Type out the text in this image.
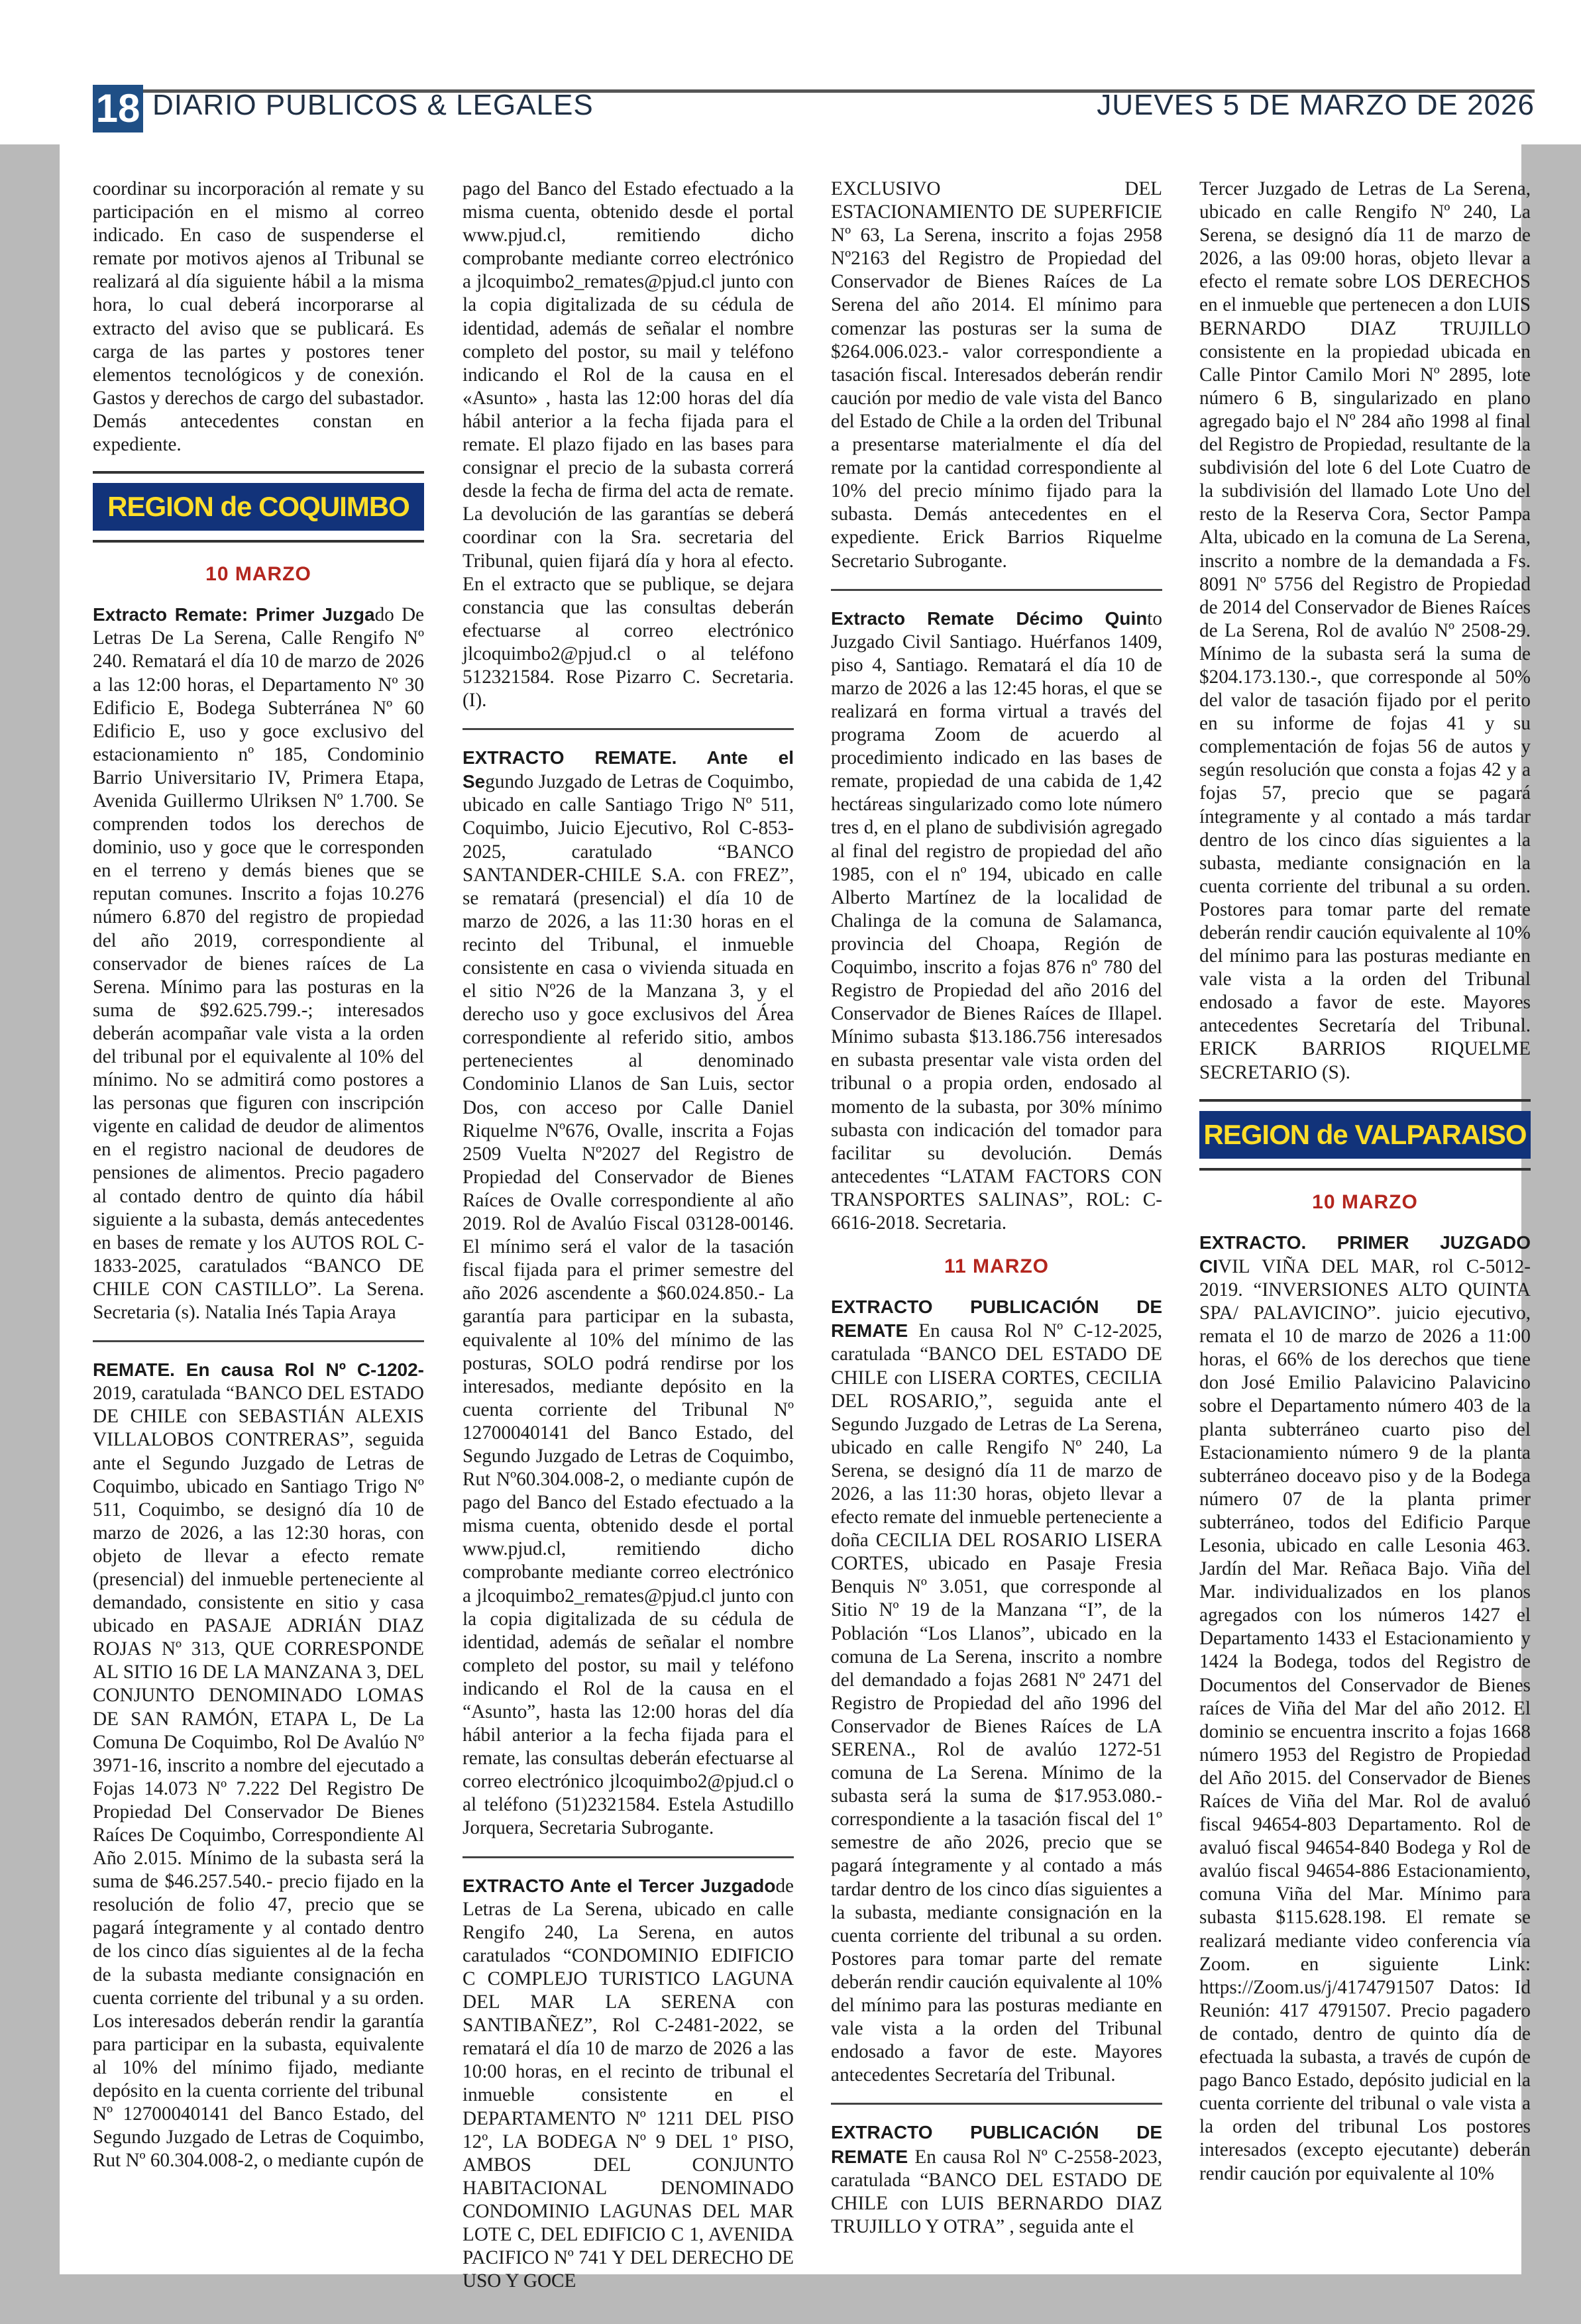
18 DIARIO PUBLICOS & LEGALES	JUEVES 5 DE MARZO DE 2026

coordinar su incorporación al remate y su participación en el mismo al correo indicado. En caso de suspenderse el remate por motivos ajenos aI Tribunal se realizará al día siguiente hábil a la misma hora, lo cual deberá incorporarse al extracto del aviso que se publicará. Es carga de las partes y postores tener elementos tecnológicos y de conexión. Gastos y derechos de cargo del subastador. Demás antecedentes constan en expediente.

REGION de COQUIMBO
10 MARZO

Extracto Remate: Primer Juzgado De Letras De La Serena, Calle Rengifo Nº 240. Rematará el día 10 de marzo de 2026 a las 12:00 horas, el Departamento Nº 30 Edificio E, Bodega Subterránea Nº 60 Edificio E, uso y goce exclusivo del estacionamiento nº 185, Condominio Barrio Universitario IV, Primera Etapa, Avenida Guillermo Ulriksen Nº 1.700. Se comprenden todos los derechos de dominio, uso y goce que le corresponden en el terreno y demás bienes que se reputan comunes. Inscrito a fojas 10.276 número 6.870 del registro de propiedad del año 2019, correspondiente al conservador de bienes raíces de La Serena. Mínimo para las posturas en la suma de $92.625.799.-; interesados deberán acompañar vale vista a la orden del tribunal por el equivalente al 10% del mínimo. No se admitirá como postores a las personas que figuren con inscripción vigente en calidad de deudor de alimentos en el registro nacional de deudores de pensiones de alimentos. Precio pagadero al contado dentro de quinto día hábil siguiente a la subasta, demás antecedentes en bases de remate y los AUTOS ROL C-1833-2025, caratulados “BANCO DE CHILE CON CASTILLO”. La Serena. Secretaria (s). Natalia Inés Tapia Araya

REMATE. En causa Rol Nº C-1202-2019, caratulada “BANCO DEL ESTADO DE CHILE con SEBASTIÁN ALEXIS VILLALOBOS CONTRERAS”, seguida ante el Segundo Juzgado de Letras de Coquimbo, ubicado en Santiago Trigo Nº 511, Coquimbo, se designó día 10 de marzo de 2026, a las 12:30 horas, con objeto de llevar a efecto remate (presencial) del inmueble perteneciente al demandado, consistente en sitio y casa ubicado en PASAJE ADRIÁN DIAZ ROJAS Nº 313, QUE CORRESPONDE AL SITIO 16 DE LA MANZANA 3, DEL CONJUNTO DENOMINADO LOMAS DE SAN RAMÓN, ETAPA L, De La Comuna De Coquimbo, Rol De Avalúo Nº 3971-16, inscrito a nombre del ejecutado a Fojas 14.073 Nº 7.222 Del Registro De Propiedad Del Conservador De Bienes Raíces De Coquimbo, Correspondiente Al Año 2.015. Mínimo de la subasta será la suma de $46.257.540.- precio fijado en la resolución de folio 47, precio que se pagará íntegramente y al contado dentro de los cinco días siguientes al de la fecha de la subasta mediante consignación en cuenta corriente del tribunal y a su orden. Los interesados deberán rendir la garantía para participar en la subasta, equivalente al 10% del mínimo fijado, mediante depósito en la cuenta corriente del tribunal Nº 12700040141 del Banco Estado, del Segundo Juzgado de Letras de Coquimbo, Rut Nº 60.304.008-2, o mediante cupón de

pago del Banco del Estado efectuado a la misma cuenta, obtenido desde el portal www.pjud.cl, remitiendo dicho comprobante mediante correo electrónico a jlcoquimbo2_remates@pjud.cl junto con la copia digitalizada de su cédula de identidad, además de señalar el nombre completo del postor, su mail y teléfono indicando el Rol de la causa en el «Asunto» , hasta las 12:00 horas del día hábil anterior a la fecha fijada para el remate. El plazo fijado en las bases para consignar el precio de la subasta correrá desde la fecha de firma del acta de remate. La devolución de las garantías se deberá coordinar con la Sra. secretaria del Tribunal, quien fijará día y hora al efecto. En el extracto que se publique, se dejara constancia que las consultas deberán efectuarse al correo electrónico jlcoquimbo2@pjud.cl o al teléfono 512321584. Rose Pizarro C. Secretaria. (I).

EXTRACTO REMATE. Ante el Segundo Juzgado de Letras de Coquimbo, ubicado en calle Santiago Trigo Nº 511, Coquimbo, Juicio Ejecutivo, Rol C-853-2025, caratulado “BANCO SANTANDER-CHILE S.A. con FREZ”, se rematará (presencial) el día 10 de marzo de 2026, a las 11:30 horas en el recinto del Tribunal, el inmueble consistente en casa o vivienda situada en el sitio Nº26 de la Manzana 3, y el derecho uso y goce exclusivos del Área correspondiente al referido sitio, ambos pertenecientes al denominado Condominio Llanos de San Luis, sector Dos, con acceso por Calle Daniel Riquelme Nº676, Ovalle, inscrita a Fojas 2509 Vuelta Nº2027 del Registro de Propiedad del Conservador de Bienes Raíces de Ovalle correspondiente al año 2019. Rol de Avalúo Fiscal 03128-00146. El mínimo será el valor de la tasación fiscal fijada para el primer semestre del año 2026 ascendente a $60.024.850.- La garantía para participar en la subasta, equivalente al 10% del mínimo de las posturas, SOLO podrá rendirse por los interesados, mediante depósito en la cuenta corriente del Tribunal Nº 12700040141 del Banco Estado, del Segundo Juzgado de Letras de Coquimbo, Rut Nº60.304.008-2, o mediante cupón de pago del Banco del Estado efectuado a la misma cuenta, obtenido desde el portal www.pjud.cl, remitiendo dicho comprobante mediante correo electrónico a jlcoquimbo2_remates@pjud.cl junto con la copia digitalizada de su cédula de identidad, además de señalar el nombre completo del postor, su mail y teléfono indicando el Rol de la causa en el “Asunto”, hasta las 12:00 horas del día hábil anterior a la fecha fijada para el remate, las consultas deberán efectuarse al correo electrónico jlcoquimbo2@pjud.cl o al teléfono (51)2321584. Estela Astudillo Jorquera, Secretaria Subrogante.

EXTRACTO Ante el Tercer Juzgadode Letras de La Serena, ubicado en calle Rengifo 240, La Serena, en autos caratulados “CONDOMINIO EDIFICIO C COMPLEJO TURISTICO LAGUNA DEL MAR LA SERENA con SANTIBAÑEZ”, Rol C-2481-2022, se rematará el día 10 de marzo de 2026 a las 10:00 horas, en el recinto de tribunal el inmueble consistente en el DEPARTAMENTO Nº 1211 DEL PISO 12º, LA BODEGA Nº 9 DEL 1º PISO, AMBOS DEL CONJUNTO HABITACIONAL DENOMINADO CONDOMINIO LAGUNAS DEL MAR LOTE C, DEL EDIFICIO C 1, AVENIDA PACIFICO Nº 741 Y DEL DERECHO DE USO Y GOCE

EXCLUSIVO DEL ESTACIONAMIENTO DE SUPERFICIE Nº 63, La Serena, inscrito a fojas 2958 Nº2163 del Registro de Propiedad del Conservador de Bienes Raíces de La Serena del año 2014. El mínimo para comenzar las posturas ser la suma de $264.006.023.- valor correspondiente a tasación fiscal. Interesados deberán rendir caución por medio de vale vista del Banco del Estado de Chile a la orden del Tribunal a presentarse materialmente el día del remate por la cantidad correspondiente al 10% del precio mínimo fijado para la subasta. Demás antecedentes en el expediente. Erick Barrios Riquelme Secretario Subrogante.

Extracto Remate Décimo Quinto Juzgado Civil Santiago. Huérfanos 1409, piso 4, Santiago. Rematará el día 10 de marzo de 2026 a las 12:45 horas, el que se realizará en forma virtual a través del programa Zoom de acuerdo al procedimiento indicado en las bases de remate, propiedad de una cabida de 1,42 hectáreas singularizado como lote número tres d, en el plano de subdivisión agregado al final del registro de propiedad del año 1985, con el nº 194, ubicado en calle Alberto Martínez de la localidad de Chalinga de la comuna de Salamanca, provincia del Choapa, Región de Coquimbo, inscrito a fojas 876 nº 780 del Registro de Propiedad del año 2016 del Conservador de Bienes Raíces de Illapel. Mínimo subasta $13.186.756 interesados en subasta presentar vale vista orden del tribunal o a propia orden, endosado al momento de la subasta, por 30% mínimo subasta con indicación del tomador para facilitar su devolución. Demás antecedentes “LATAM FACTORS CON TRANSPORTES SALINAS”, ROL: C-6616-2018. Secretaria.

11 MARZO

EXTRACTO PUBLICACIÓN DE REMATE En causa Rol Nº C-12-2025, caratulada “BANCO DEL ESTADO DE CHILE con LISERA CORTES, CECILIA DEL ROSARIO,”, seguida ante el Segundo Juzgado de Letras de La Serena, ubicado en calle Rengifo Nº 240, La Serena, se designó día 11 de marzo de 2026, a las 11:30 horas, objeto llevar a efecto remate del inmueble perteneciente a doña CECILIA DEL ROSARIO LISERA CORTES, ubicado en Pasaje Fresia Benquis Nº 3.051, que corresponde al Sitio Nº 19 de la Manzana “I”, de la Población “Los Llanos”, ubicado en la comuna de La Serena, inscrito a nombre del demandado a fojas 2681 Nº 2471 del Registro de Propiedad del año 1996 del Conservador de Bienes Raíces de LA SERENA., Rol de avalúo 1272-51 comuna de La Serena. Mínimo de la subasta será la suma de $17.953.080.- correspondiente a la tasación fiscal del 1º semestre de año 2026, precio que se pagará íntegramente y al contado a más tardar dentro de los cinco días siguientes a la subasta, mediante consignación en la cuenta corriente del tribunal a su orden. Postores para tomar parte del remate deberán rendir caución equivalente al 10% del mínimo para las posturas mediante en vale vista a la orden del Tribunal endosado a favor de este. Mayores antecedentes Secretaría del Tribunal.

EXTRACTO PUBLICACIÓN DE REMATE En causa Rol Nº C-2558-2023, caratulada “BANCO DEL ESTADO DE CHILE con LUIS BERNARDO DIAZ TRUJILLO Y OTRA” , seguida ante el

Tercer Juzgado de Letras de La Serena, ubicado en calle Rengifo Nº 240, La Serena, se designó día 11 de marzo de 2026, a las 09:00 horas, objeto llevar a efecto el remate sobre LOS DERECHOS en el inmueble que pertenecen a don LUIS BERNARDO DIAZ TRUJILLO consistente en la propiedad ubicada en Calle Pintor Camilo Mori Nº 2895, lote número 6 B, singularizado en plano agregado bajo el Nº 284 año 1998 al final del Registro de Propiedad, resultante de la subdivisión del lote 6 del Lote Cuatro de la subdivisión del llamado Lote Uno del resto de la Reserva Cora, Sector Pampa Alta, ubicado en la comuna de La Serena, inscrito a nombre de la demandada a Fs. 8091 Nº 5756 del Registro de Propiedad de 2014 del Conservador de Bienes Raíces de La Serena, Rol de avalúo Nº 2508-29. Mínimo de la subasta será la suma de $204.173.130.-, que corresponde al 50% del valor de tasación fijado por el perito en su informe de fojas 41 y su complementación de fojas 56 de autos y según resolución que consta a fojas 42 y a fojas 57, precio que se pagará íntegramente y al contado a más tardar dentro de los cinco días siguientes a la subasta, mediante consignación en la cuenta corriente del tribunal a su orden. Postores para tomar parte del remate deberán rendir caución equivalente al 10% del mínimo para las posturas mediante en vale vista a la orden del Tribunal endosado a favor de este. Mayores antecedentes Secretaría del Tribunal. ERICK BARRIOS RIQUELME SECRETARIO (S).

REGION de VALPARAISO
10 MARZO

EXTRACTO. PRIMER JUZGADO CIVIL VIÑA DEL MAR, rol C-5012-2019. “INVERSIONES ALTO QUINTA SPA/ PALAVICINO”. juicio ejecutivo, remata el 10 de marzo de 2026 a 11:00 horas, el 66% de los derechos que tiene don José Emilio Palavicino Palavicino sobre el Departamento número 403 de la planta subterráneo cuarto piso del Estacionamiento número 9 de la planta subterráneo doceavo piso y de la Bodega número 07 de la planta primer subterráneo, todos del Edificio Parque Lesonia, ubicado en calle Lesonia 463. Jardín del Mar. Reñaca Bajo. Viña del Mar. individualizados en los planos agregados con los números 1427 el Departamento 1433 el Estacionamiento y 1424 la Bodega, todos del Registro de Documentos del Conservador de Bienes raíces de Viña del Mar del año 2012. El dominio se encuentra inscrito a fojas 1668 número 1953 del Registro de Propiedad del Año 2015. del Conservador de Bienes Raíces de Viña del Mar. Rol de avaluó fiscal 94654-803 Departamento. Rol de avaluó fiscal 94654-840 Bodega y Rol de avalúo fiscal 94654-886 Estacionamiento, comuna Viña del Mar. Mínimo para subasta $115.628.198. El remate se realizará mediante video conferencia vía Zoom. en siguiente Link: https://Zoom.us/j/4174791507 Datos: Id Reunión: 417 4791507. Precio pagadero de contado, dentro de quinto día de efectuada la subasta, a través de cupón de pago Banco Estado, depósito judicial en la cuenta corriente del tribunal o vale vista a la orden del tribunal Los postores interesados (excepto ejecutante) deberán rendir caución por equivalente al 10%
